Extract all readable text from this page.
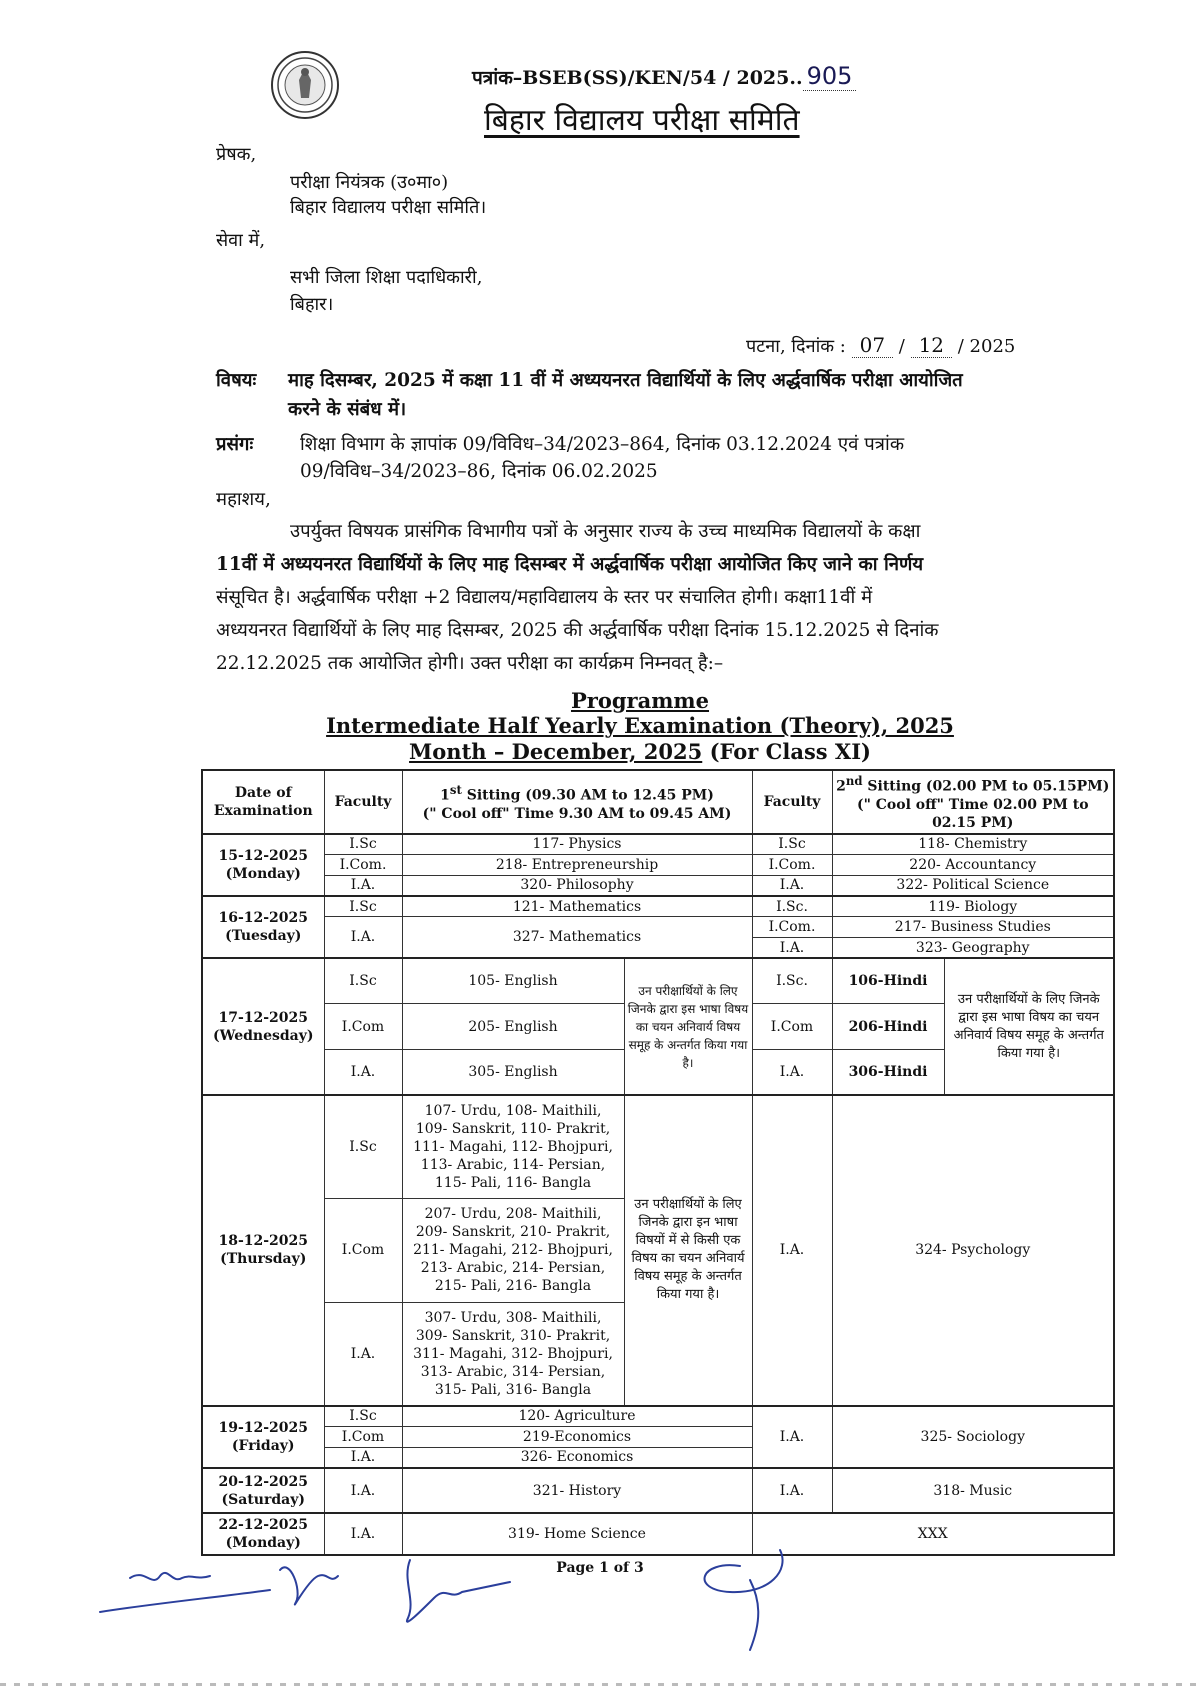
पत्रांक–BSEB(SS)/KEN/54 / 2025.. 905
बिहार विद्यालय परीक्षा समिति
प्रेषक,
परीक्षा नियंत्रक (उ०मा०)
बिहार विद्यालय परीक्षा समिति।
सेवा में,
सभी जिला शिक्षा पदाधिकारी,
बिहार।
पटना, दिनांक : 07 / 12 / 2025
विषयः माह दिसम्बर, 2025 में कक्षा 11 वीं में अध्ययनरत विद्यार्थियों के लिए अर्द्धवार्षिक परीक्षा आयोजित
करने के संबंध में।
प्रसंगः	शिक्षा विभाग के ज्ञापांक 09/विविध–34/2023–864, दिनांक 03.12.2024 एवं पत्रांक
09/विविध–34/2023–86, दिनांक 06.02.2025
महाशय,
उपर्युक्त विषयक प्रासंगिक विभागीय पत्रों के अनुसार राज्य के उच्च माध्यमिक विद्यालयों के कक्षा
11वीं में अध्ययनरत विद्यार्थियों के लिए माह दिसम्बर में अर्द्धवार्षिक परीक्षा आयोजित किए जाने का निर्णय
संसूचित है। अर्द्धवार्षिक परीक्षा +2 विद्यालय/महाविद्यालय के स्तर पर संचालित होगी। कक्षा11वीं में
अध्ययनरत विद्यार्थियों के लिए माह दिसम्बर, 2025 की अर्द्धवार्षिक परीक्षा दिनांक 15.12.2025 से दिनांक
22.12.2025 तक आयोजित होगी। उक्त परीक्षा का कार्यक्रम निम्नवत् है:–
Programme
Intermediate Half Yearly Examination (Theory), 2025
Month – December, 2025 (For Class XI)
Date of Examination	Faculty	1st Sitting (09.30 AM to 12.45 PM)
(" Cool off" Time 9.30 AM to 09.45 AM)		Faculty	2nd Sitting (02.00 PM to 05.15PM)
(" Cool off" Time 02.00 PM to 02.15 PM)	
15-12-2025
(Monday)	I.Sc	117- Physics		I.Sc	118- Chemistry	
	I.Com.	218- Entrepreneurship		I.Com.	220- Accountancy	
	I.A.	320- Philosophy		I.A.	322- Political Science	
16-12-2025
(Tuesday)	I.Sc	121- Mathematics		I.Sc.	119- Biology	
	I.A.	327- Mathematics		I.Com.	217- Business Studies	
				I.A.	323- Geography	
17-12-2025
(Wednesday)	I.Sc	105- English	उन परीक्षार्थियों के लिए जिनके द्वारा इस भाषा विषय का चयन अनिवार्य विषय समूह के अन्तर्गत किया गया है।	I.Sc.	106-Hindi	उन परीक्षार्थियों के लिए जिनके द्वारा इस भाषा विषय का चयन अनिवार्य विषय समूह के अन्तर्गत किया गया है।
	I.Com	205- English		I.Com	206-Hindi	
	I.A.	305- English		I.A.	306-Hindi	
18-12-2025
(Thursday)	I.Sc	107- Urdu, 108- Maithili,
109- Sanskrit, 110- Prakrit,
111- Magahi, 112- Bhojpuri,
113- Arabic, 114- Persian,
115- Pali, 116- Bangla	उन परीक्षार्थियों के लिए जिनके द्वारा इन भाषा विषयों में से किसी एक विषय का चयन अनिवार्य विषय समूह के अन्तर्गत किया गया है।	I.A.	324- Psychology	
	I.Com	207- Urdu, 208- Maithili,
209- Sanskrit, 210- Prakrit,
211- Magahi, 212- Bhojpuri,
213- Arabic, 214- Persian,
215- Pali, 216- Bangla				
	I.A.	307- Urdu, 308- Maithili,
309- Sanskrit, 310- Prakrit,
311- Magahi, 312- Bhojpuri,
313- Arabic, 314- Persian,
315- Pali, 316- Bangla				
19-12-2025
(Friday)	I.Sc	120- Agriculture		I.A.	325- Sociology	
	I.Com	219-Economics				
	I.A.	326- Economics				
20-12-2025
(Saturday)	I.A.	321- History		I.A.	318- Music	
22-12-2025
(Monday)	I.A.	319- Home Science		XXX		
Page 1 of 3
